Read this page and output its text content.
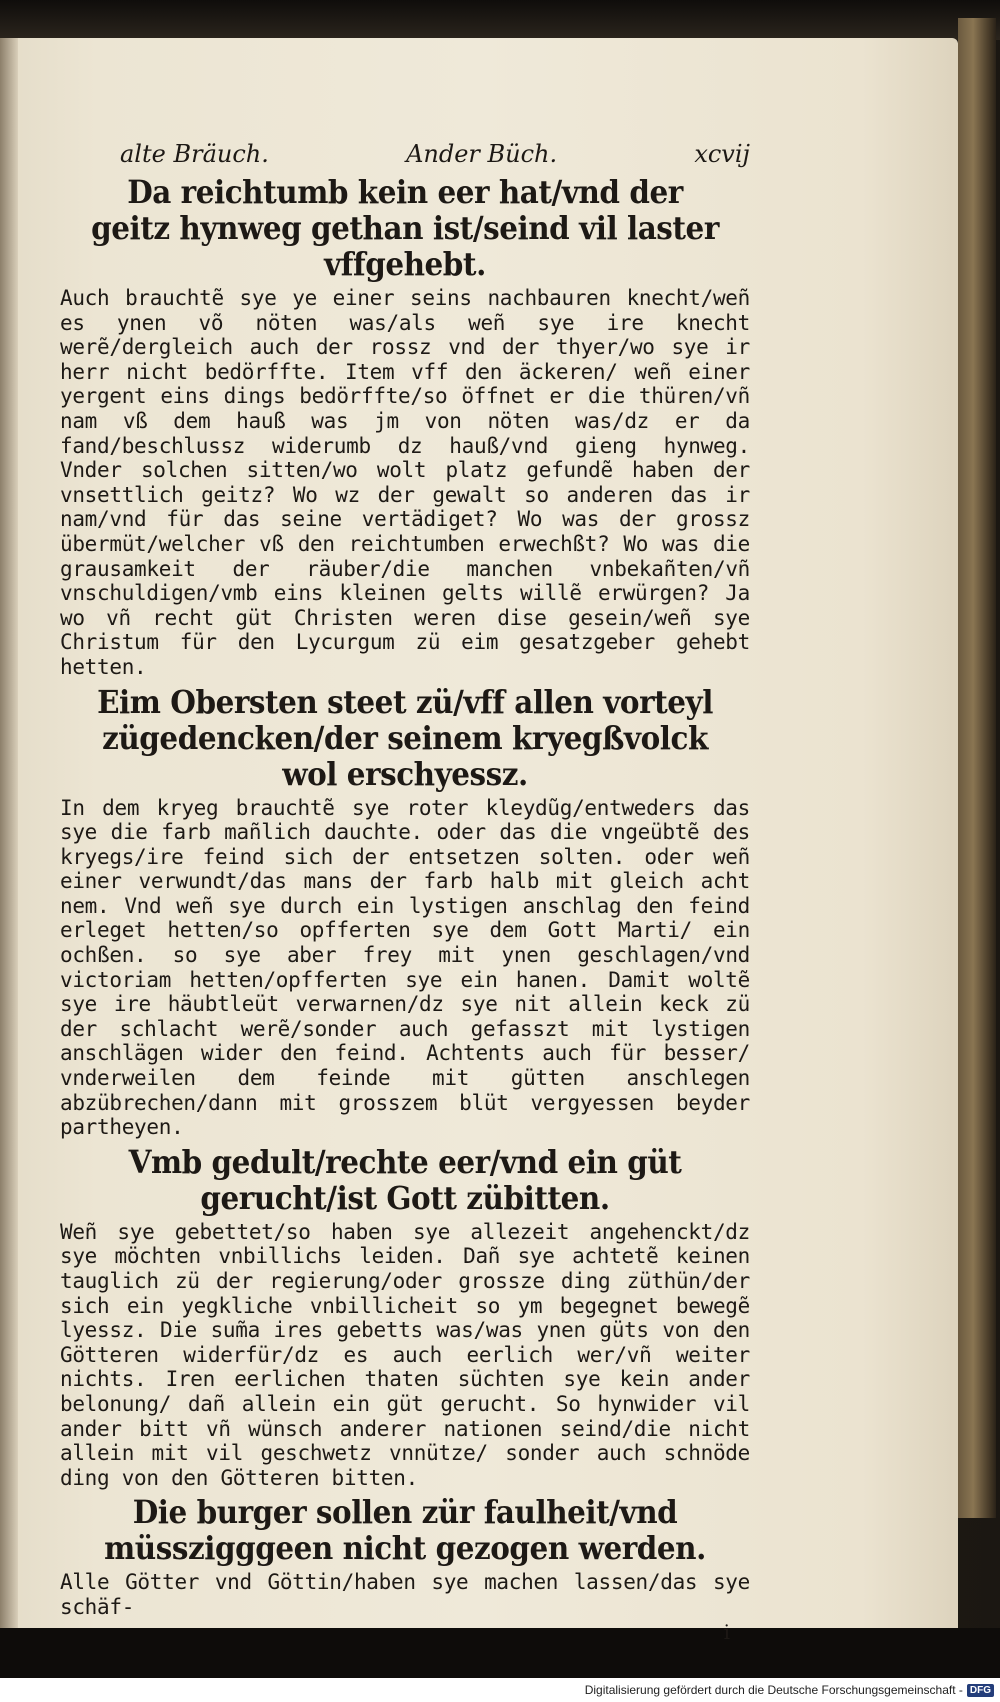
alte Bräuch.	Ander Büch.	xcvij
Da reichtumb kein eer hat/vnd der geitz hynweg gethan ist/seind vil laster vffgehebt.

Auch brauchtẽ sye ye einer seins nachbauren knecht/weñ es ynen võ nöten was/als weñ sye ire knecht werẽ/dergleich auch der rossz vnd der thyer/wo sye ir herr nicht bedörffte. Item vff den äckeren/ weñ einer yergent eins dings bedörffte/so öffnet er die thüren/vñ nam vß dem hauß was jm von nöten was/dz er da fand/beschlussz widerumb dz hauß/vnd gieng hynweg. Vnder solchen sitten/wo wolt platz gefundẽ haben der vnsettlich geitz? Wo wz der gewalt so anderen das ir nam/vnd für das seine vertädiget? Wo was der grossz übermüt/welcher vß den reichtumben erwechßt? Wo was die grausamkeit der räuber/die manchen vnbekañten/vñ vnschuldigen/vmb eins kleinen gelts willẽ erwürgen? Ja wo vñ recht güt Christen weren dise gesein/weñ sye Christum für den Lycurgum zü eim gesatzgeber gehebt hetten.

Eim Obersten steet zü/vff allen vorteyl zügedencken/der seinem kryegßvolck wol erschyessz.

In dem kryeg brauchtẽ sye roter kleydũg/entweders das sye die farb mañlich dauchte. oder das die vngeübtẽ des kryegs/ire feind sich der entsetzen solten. oder weñ einer verwundt/das mans der farb halb mit gleich acht nem. Vnd weñ sye durch ein lystigen anschlag den feind erleget hetten/so opfferten sye dem Gott Marti/ ein ochßen. so sye aber frey mit ynen geschlagen/vnd victoriam hetten/opfferten sye ein hanen. Damit woltẽ sye ire häubtleüt verwarnen/dz sye nit allein keck zü der schlacht werẽ/sonder auch gefasszt mit lystigen anschlägen wider den feind. Achtents auch für besser/ vnderweilen dem feinde mit gütten anschlegen abzübrechen/dann mit grosszem blüt vergyessen beyder partheyen.

Vmb gedult/rechte eer/vnd ein güt gerucht/ist Gott zübitten.

Weñ sye gebettet/so haben sye allezeit angehenckt/dz sye möchten vnbillichs leiden. Dañ sye achtetẽ keinen tauglich zü der regierung/oder grossze ding züthün/der sich ein yegkliche vnbillicheit so ym begegnet bewegẽ lyessz. Die sum̃a ires gebetts was/was ynen güts von den Götteren widerfür/dz es auch eerlich wer/vñ weiter nichts. Iren eerlichen thaten süchten sye kein ander belonung/ dañ allein ein güt gerucht. So hynwider vil ander bitt vñ wünsch anderer nationen seind/die nicht allein mit vil geschwetz vnnütze/ sonder auch schnöde ding von den Götteren bitten.

Die burger sollen zür faulheit/vnd müsszigggeen nicht gezogen werden.

Alle Götter vnd Göttin/haben sye machen lassen/das sye schäf-

i
Digitalisierung gefördert durch die Deutsche Forschungsgemeinschaft - DFG
